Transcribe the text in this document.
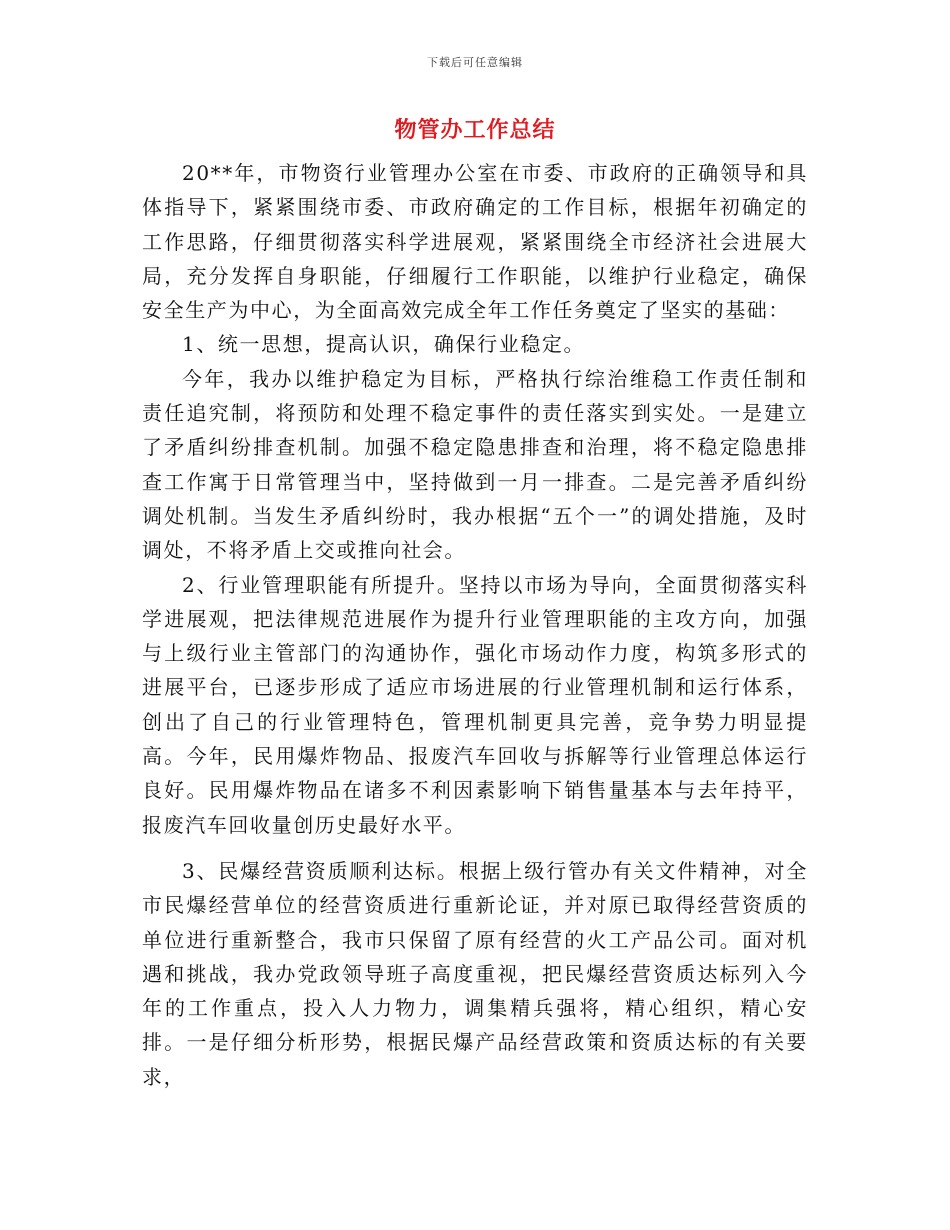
下载后可任意编辑
物管办工作总结

20**年，市物资行业管理办公室在市委、市政府的正确领导和具体指导下，紧紧围绕市委、市政府确定的工作目标，根据年初确定的工作思路，仔细贯彻落实科学进展观，紧紧围绕全市经济社会进展大局，充分发挥自身职能，仔细履行工作职能，以维护行业稳定，确保安全生产为中心，为全面高效完成全年工作任务奠定了坚实的基础：

1、统一思想，提高认识，确保行业稳定。

今年，我办以维护稳定为目标，严格执行综治维稳工作责任制和责任追究制，将预防和处理不稳定事件的责任落实到实处。一是建立了矛盾纠纷排查机制。加强不稳定隐患排查和治理，将不稳定隐患排查工作寓于日常管理当中，坚持做到一月一排查。二是完善矛盾纠纷调处机制。当发生矛盾纠纷时，我办根据“五个一”的调处措施，及时调处，不将矛盾上交或推向社会。

2、行业管理职能有所提升。坚持以市场为导向，全面贯彻落实科学进展观，把法律规范进展作为提升行业管理职能的主攻方向，加强与上级行业主管部门的沟通协作，强化市场动作力度，构筑多形式的进展平台，已逐步形成了适应市场进展的行业管理机制和运行体系，创出了自己的行业管理特色，管理机制更具完善，竞争势力明显提高。今年，民用爆炸物品、报废汽车回收与拆解等行业管理总体运行良好。民用爆炸物品在诸多不利因素影响下销售量基本与去年持平，报废汽车回收量创历史最好水平。

3、民爆经营资质顺利达标。根据上级行管办有关文件精神，对全市民爆经营单位的经营资质进行重新论证，并对原已取得经营资质的单位进行重新整合，我市只保留了原有经营的火工产品公司。面对机遇和挑战，我办党政领导班子高度重视，把民爆经营资质达标列入今年的工作重点，投入人力物力，调集精兵强将，精心组织，精心安排。一是仔细分析形势，根据民爆产品经营政策和资质达标的有关要求，
